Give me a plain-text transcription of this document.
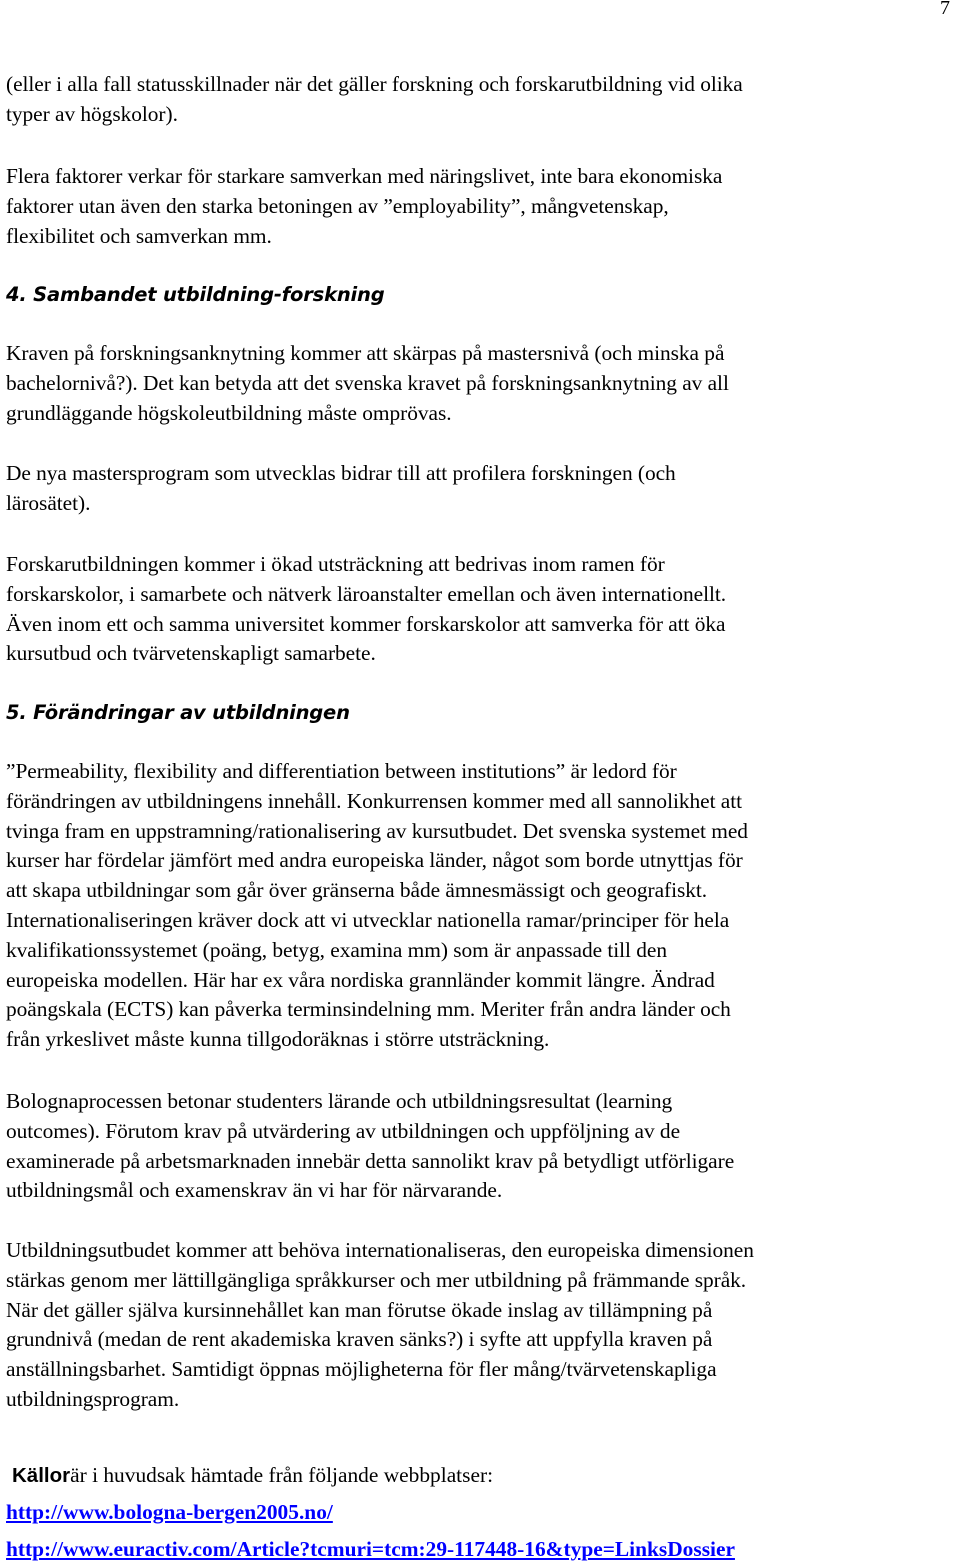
7

(eller i alla fall statusskillnader när det gäller forskning och forskarutbildning vid olika
typer av högskolor).

Flera faktorer verkar för starkare samverkan med näringslivet, inte bara ekonomiska
faktorer utan även den starka betoningen av ”employability”, mångvetenskap,
flexibilitet och samverkan mm.

4. Sambandet utbildning-forskning

Kraven på forskningsanknytning kommer att skärpas på mastersnivå (och minska på
bachelornivå?). Det kan betyda att det svenska kravet på forskningsanknytning av all
grundläggande högskoleutbildning måste omprövas.

De nya mastersprogram som utvecklas bidrar till att profilera forskningen (och
lärosätet).

Forskarutbildningen kommer i ökad utsträckning att bedrivas inom ramen för
forskarskolor, i samarbete och nätverk läroanstalter emellan och även internationellt.
Även inom ett och samma universitet kommer forskarskolor att samverka för att öka
kursutbud och tvärvetenskapligt samarbete.

5. Förändringar av utbildningen

”Permeability, flexibility and differentiation between institutions” är ledord för
förändringen av utbildningens innehåll. Konkurrensen kommer med all sannolikhet att
tvinga fram en uppstramning/rationalisering av kursutbudet. Det svenska systemet med
kurser har fördelar jämfört med andra europeiska länder, något som borde utnyttjas för
att skapa utbildningar som går över gränserna både ämnesmässigt och geografiskt.
Internationaliseringen kräver dock att vi utvecklar nationella ramar/principer för hela
kvalifikationssystemet (poäng, betyg, examina mm) som är anpassade till den
europeiska modellen. Här har ex våra nordiska grannländer kommit längre. Ändrad
poängskala (ECTS) kan påverka terminsindelning mm. Meriter från andra länder och
från yrkeslivet måste kunna tillgodoräknas i större utsträckning.

Bolognaprocessen betonar studenters lärande och utbildningsresultat (learning
outcomes). Förutom krav på utvärdering av utbildningen och uppföljning av de
examinerade på arbetsmarknaden innebär detta sannolikt krav på betydligt utförligare
utbildningsmål och examenskrav än vi har för närvarande.

Utbildningsutbudet kommer att behöva internationaliseras, den europeiska dimensionen
stärkas genom mer lättillgängliga språkkurser och mer utbildning på främmande språk.
När det gäller själva kursinnehållet kan man förutse ökade inslag av tillämpning på
grundnivå (medan de rent akademiska kraven sänks?) i syfte att uppfylla kraven på
anställningsbarhet. Samtidigt öppnas möjligheterna för fler mång/tvärvetenskapliga
utbildningsprogram.

Källorär i huvudsak hämtade från följande webbplatser:
http://www.bologna-bergen2005.no/
http://www.euractiv.com/Article?tcmuri=tcm:29-117448-16&type=LinksDossier
